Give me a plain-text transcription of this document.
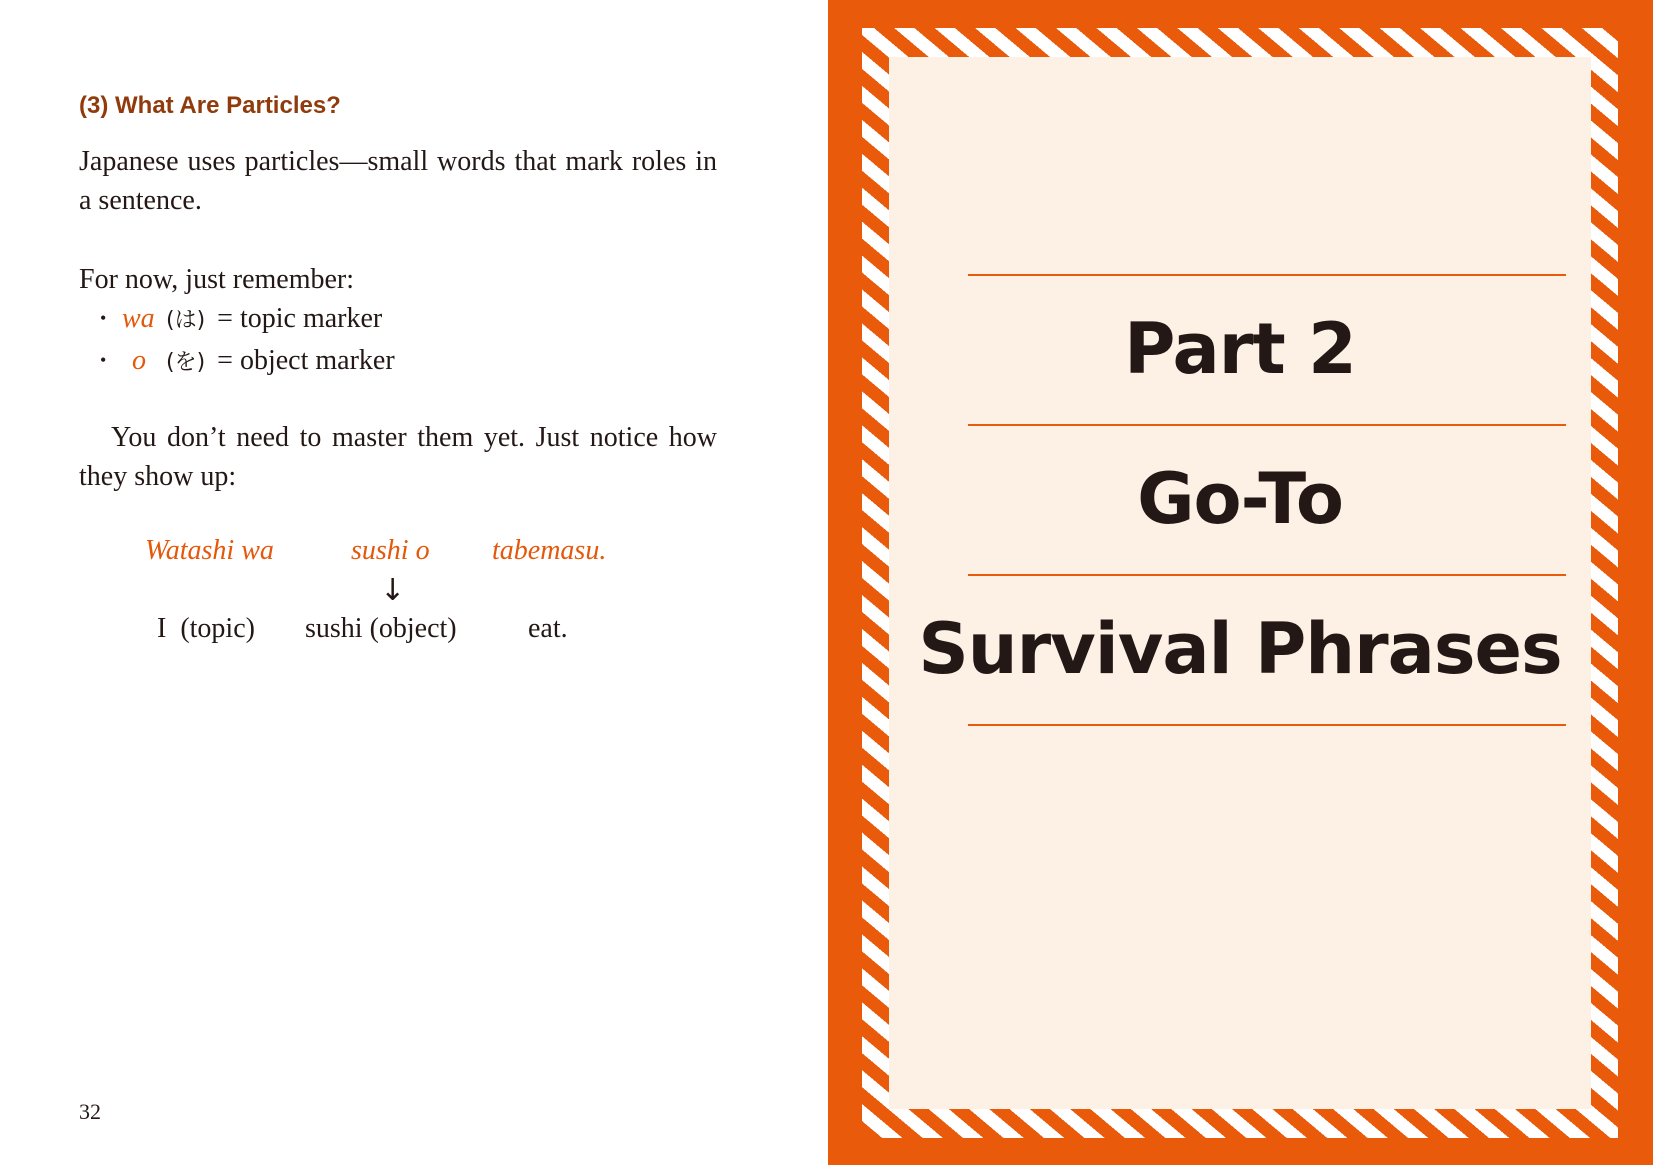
(3) What Are Particles?

Japanese uses particles—small words that mark roles in a sentence.

For now, just remember:

• wa (は) = topic marker
• o (を) = object marker

You don’t need to master them yet. Just notice how they show up:

Watashi wa	sushi o tabemasu.
↓
I  (topic) sushi (object)	eat.
32
Part 2
Go-To
Survival Phrases
